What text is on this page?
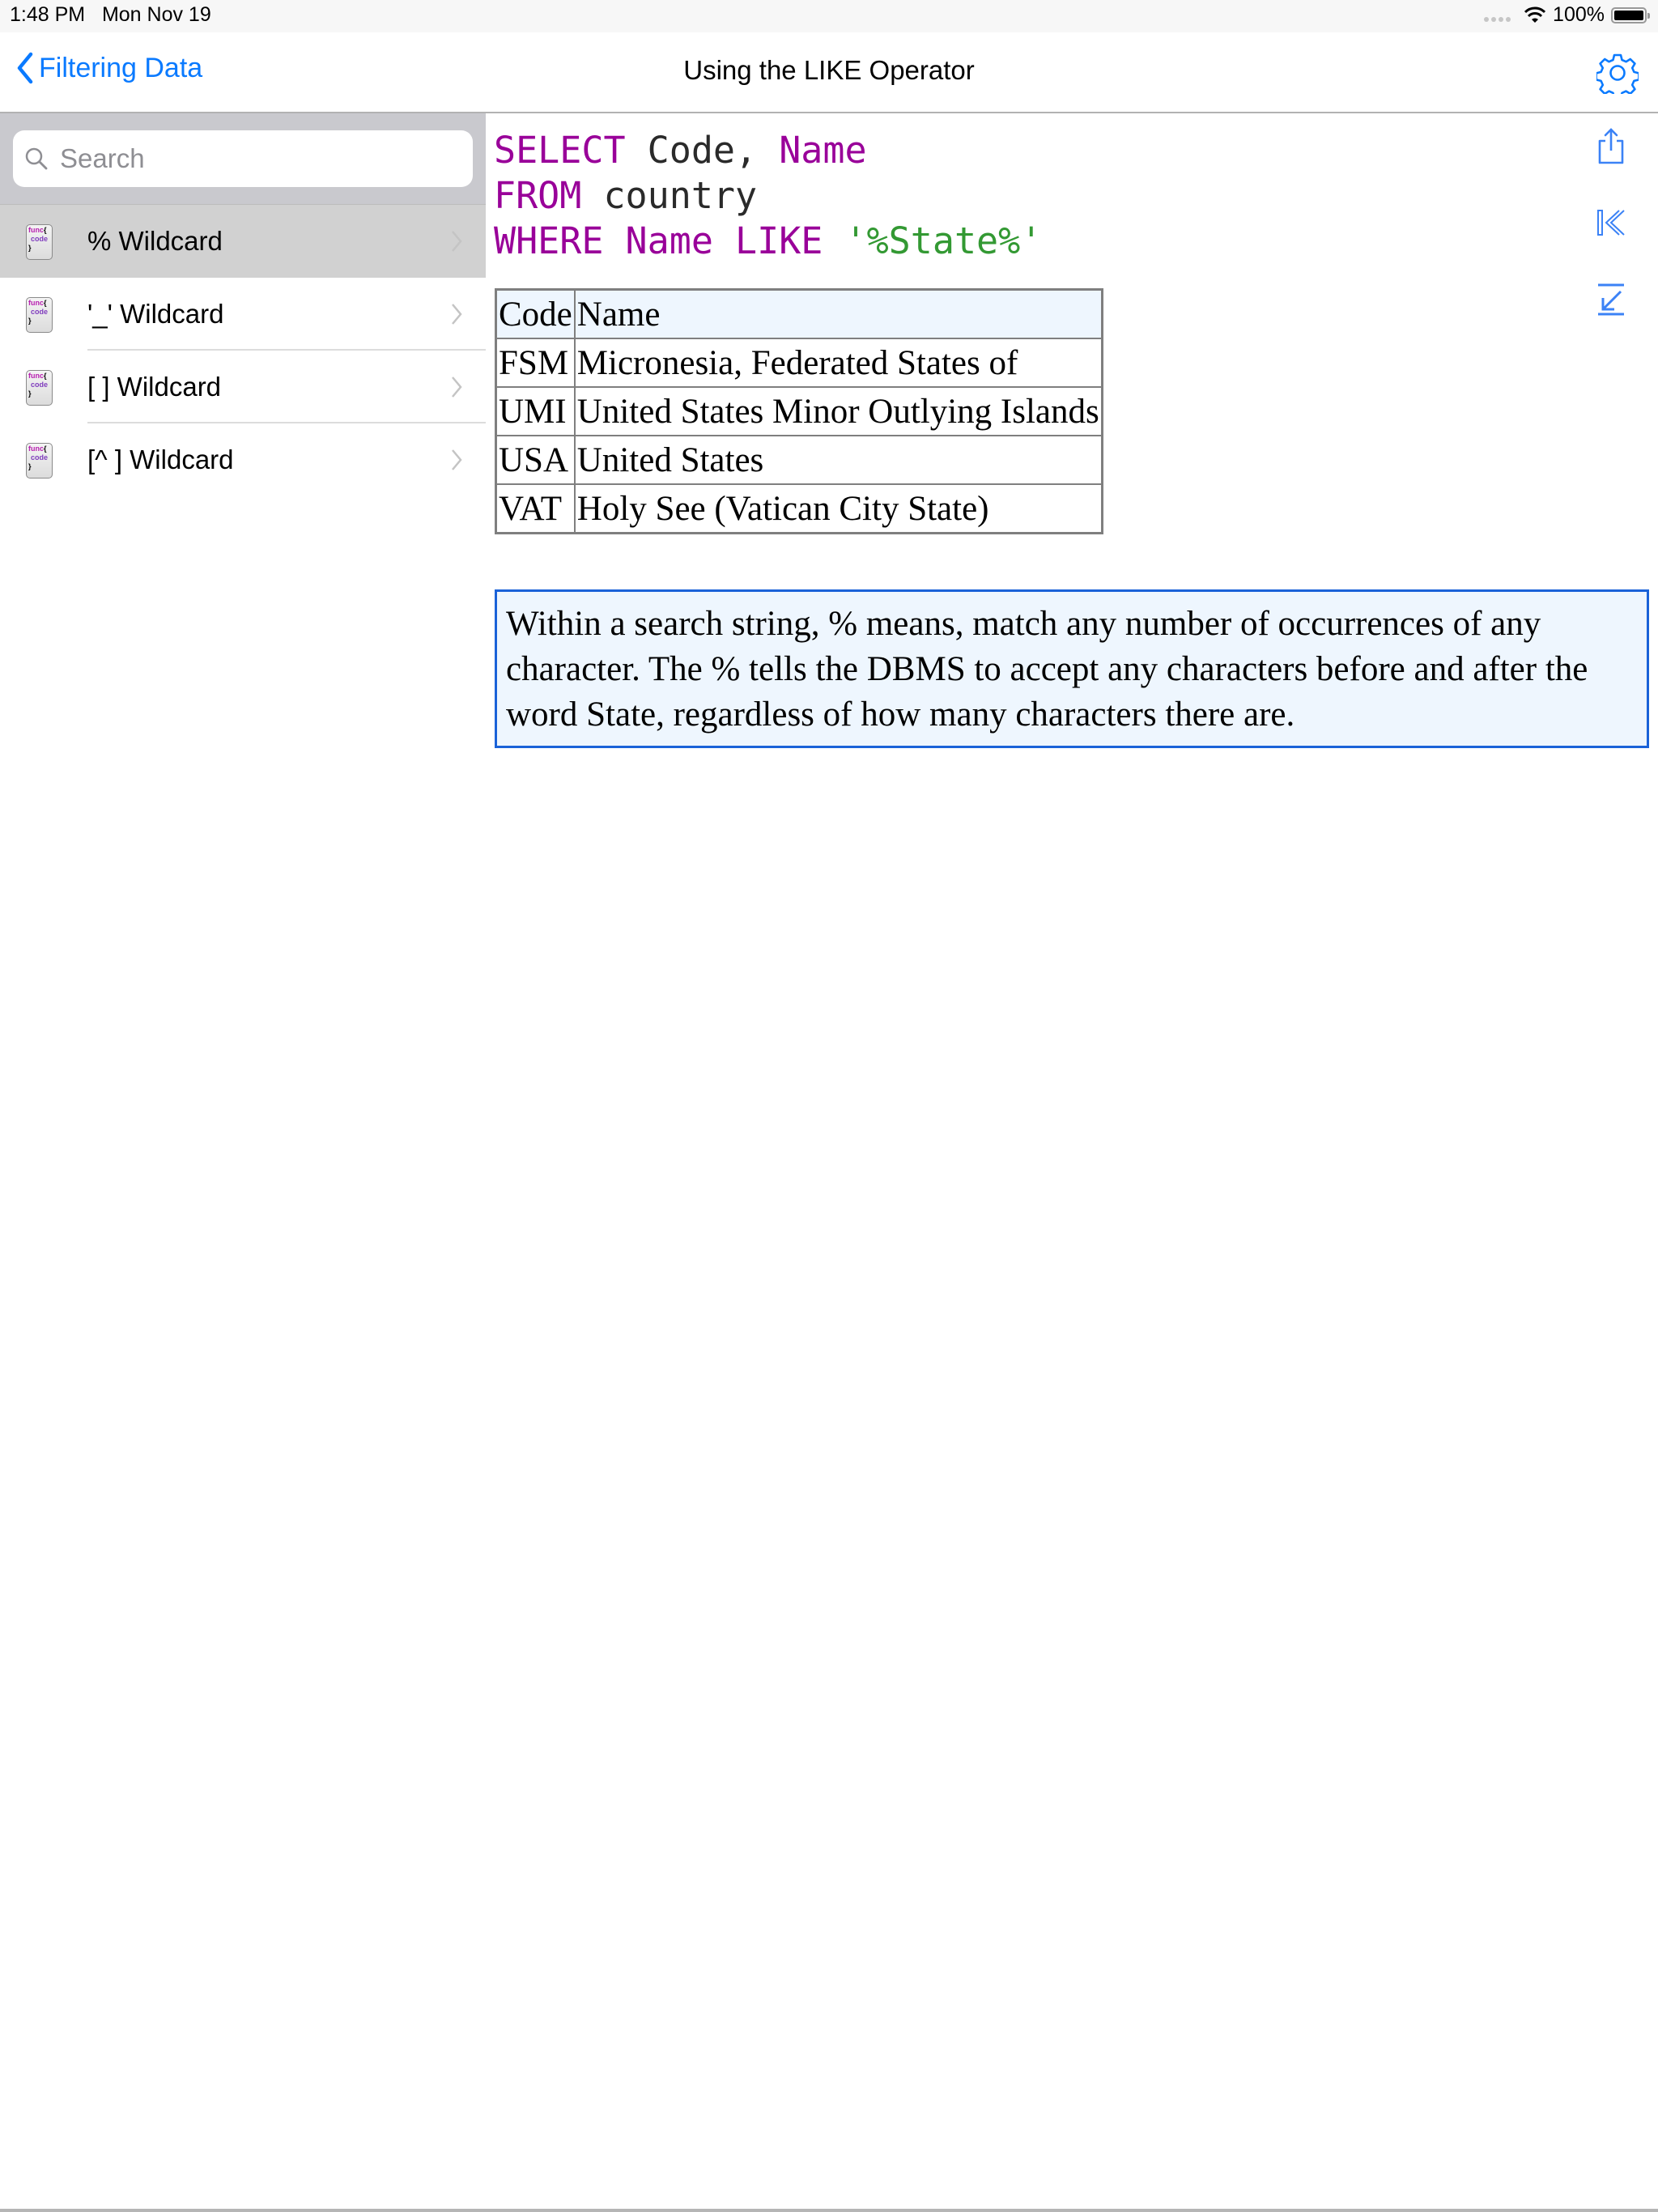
1:48 PM Mon Nov 19	100%
Filtering Data	Using the LIKE Operator
Search
func{
code
}	% Wildcard
func{
code
}	'_' Wildcard
func{
code
}	[ ] Wildcard
func{
code
}	[^ ] Wildcard
SELECT Code, Name
FROM country
WHERE Name LIKE '%State%'
Code	Name
FSM	Micronesia, Federated States of
UMI	United States Minor Outlying Islands
USA	United States
VAT	Holy See (Vatican City State)
Within a search string, % means, match any number of occurrences of any character. The % tells the DBMS to accept any characters before and after the word State, regardless of how many characters there are.
